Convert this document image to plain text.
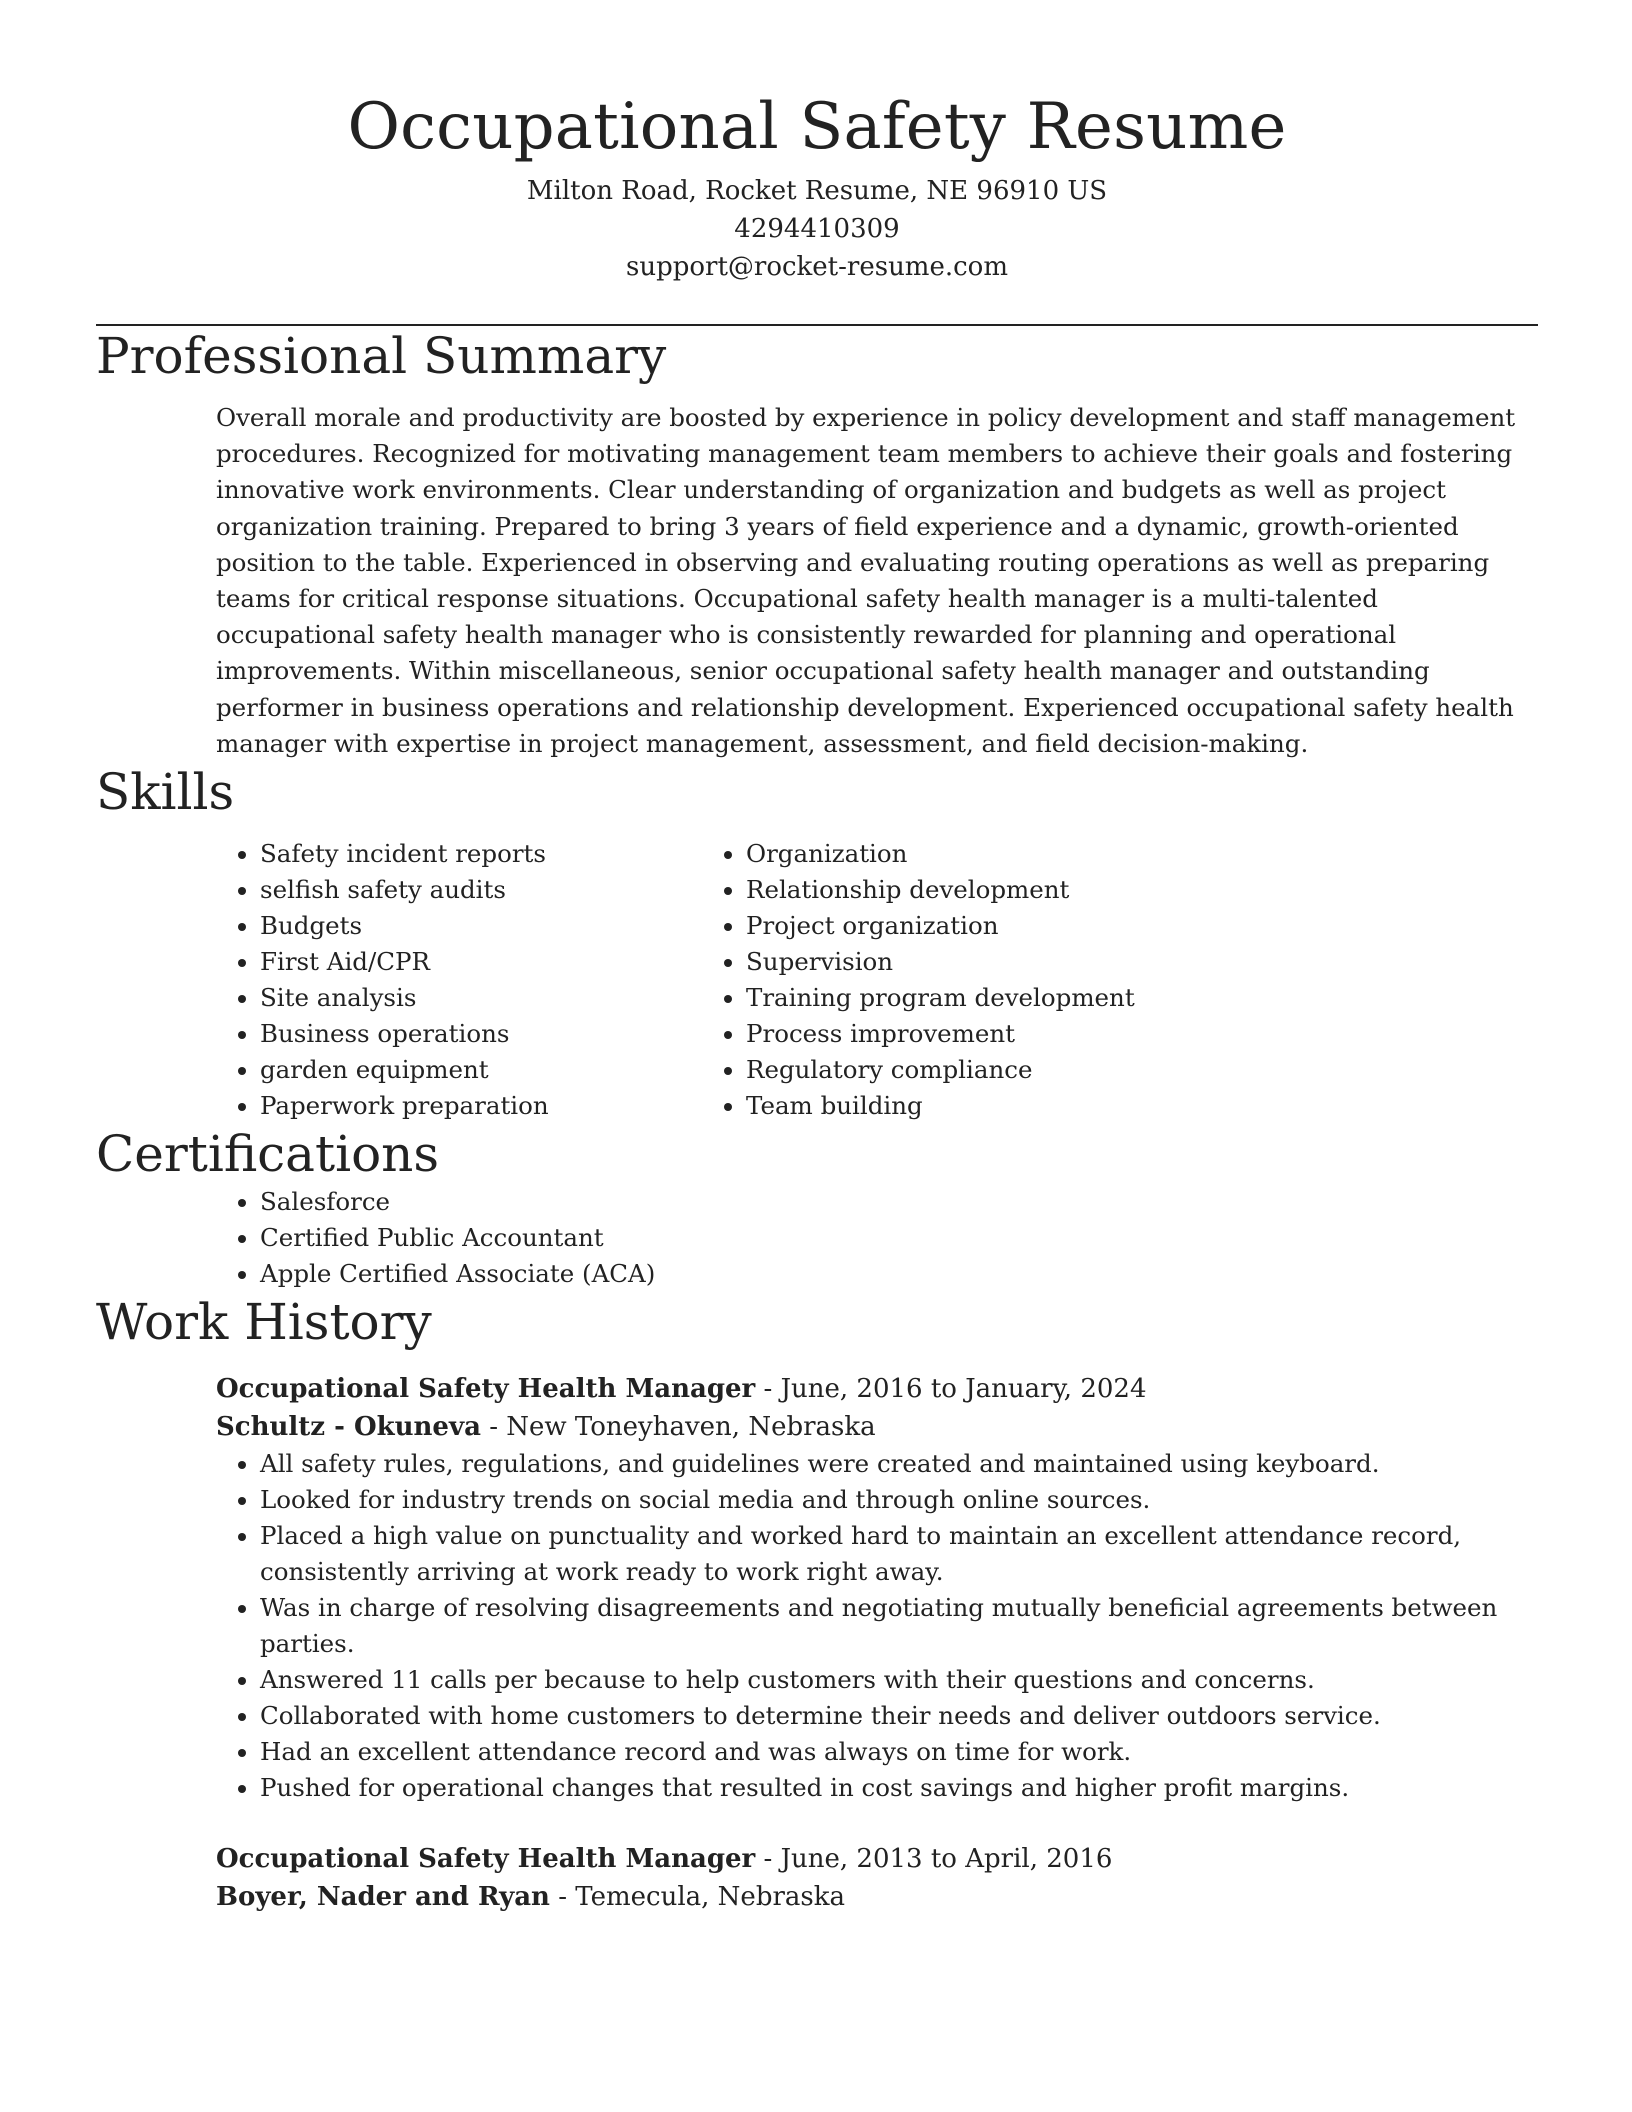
Occupational Safety Resume

Milton Road, Rocket Resume, NE 96910 US

4294410309

support@rocket-resume.com

Professional Summary

Overall morale and productivity are boosted by experience in policy development and staff management procedures. Recognized for motivating management team members to achieve their goals and fostering innovative work environments. Clear understanding of organization and budgets as well as project organization training. Prepared to bring 3 years of field experience and a dynamic, growth-oriented position to the table. Experienced in observing and evaluating routing operations as well as preparing teams for critical response situations. Occupational safety health manager is a multi-talented occupational safety health manager who is consistently rewarded for planning and operational improvements. Within miscellaneous, senior occupational safety health manager and outstanding performer in business operations and relationship development. Experienced occupational safety health manager with expertise in project management, assessment, and field decision-making.

Skills
• Safety incident reports
• selfish safety audits
• Budgets
• First Aid/CPR
• Site analysis
• Business operations
• garden equipment
• Paperwork preparation
• Organization
• Relationship development
• Project organization
• Supervision
• Training program development
• Process improvement
• Regulatory compliance
• Team building
Certifications
• Salesforce
• Certified Public Accountant
• Apple Certified Associate (ACA)
Work History

Occupational Safety Health Manager - June, 2016 to January, 2024

Schultz - Okuneva - New Toneyhaven, Nebraska

• All safety rules, regulations, and guidelines were created and maintained using keyboard.
• Looked for industry trends on social media and through online sources.
• Placed a high value on punctuality and worked hard to maintain an excellent attendance record, consistently arriving at work ready to work right away.
• Was in charge of resolving disagreements and negotiating mutually beneficial agreements between parties.
• Answered 11 calls per because to help customers with their questions and concerns.
• Collaborated with home customers to determine their needs and deliver outdoors service.
• Had an excellent attendance record and was always on time for work.
• Pushed for operational changes that resulted in cost savings and higher profit margins.

Occupational Safety Health Manager - June, 2013 to April, 2016

Boyer, Nader and Ryan - Temecula, Nebraska
